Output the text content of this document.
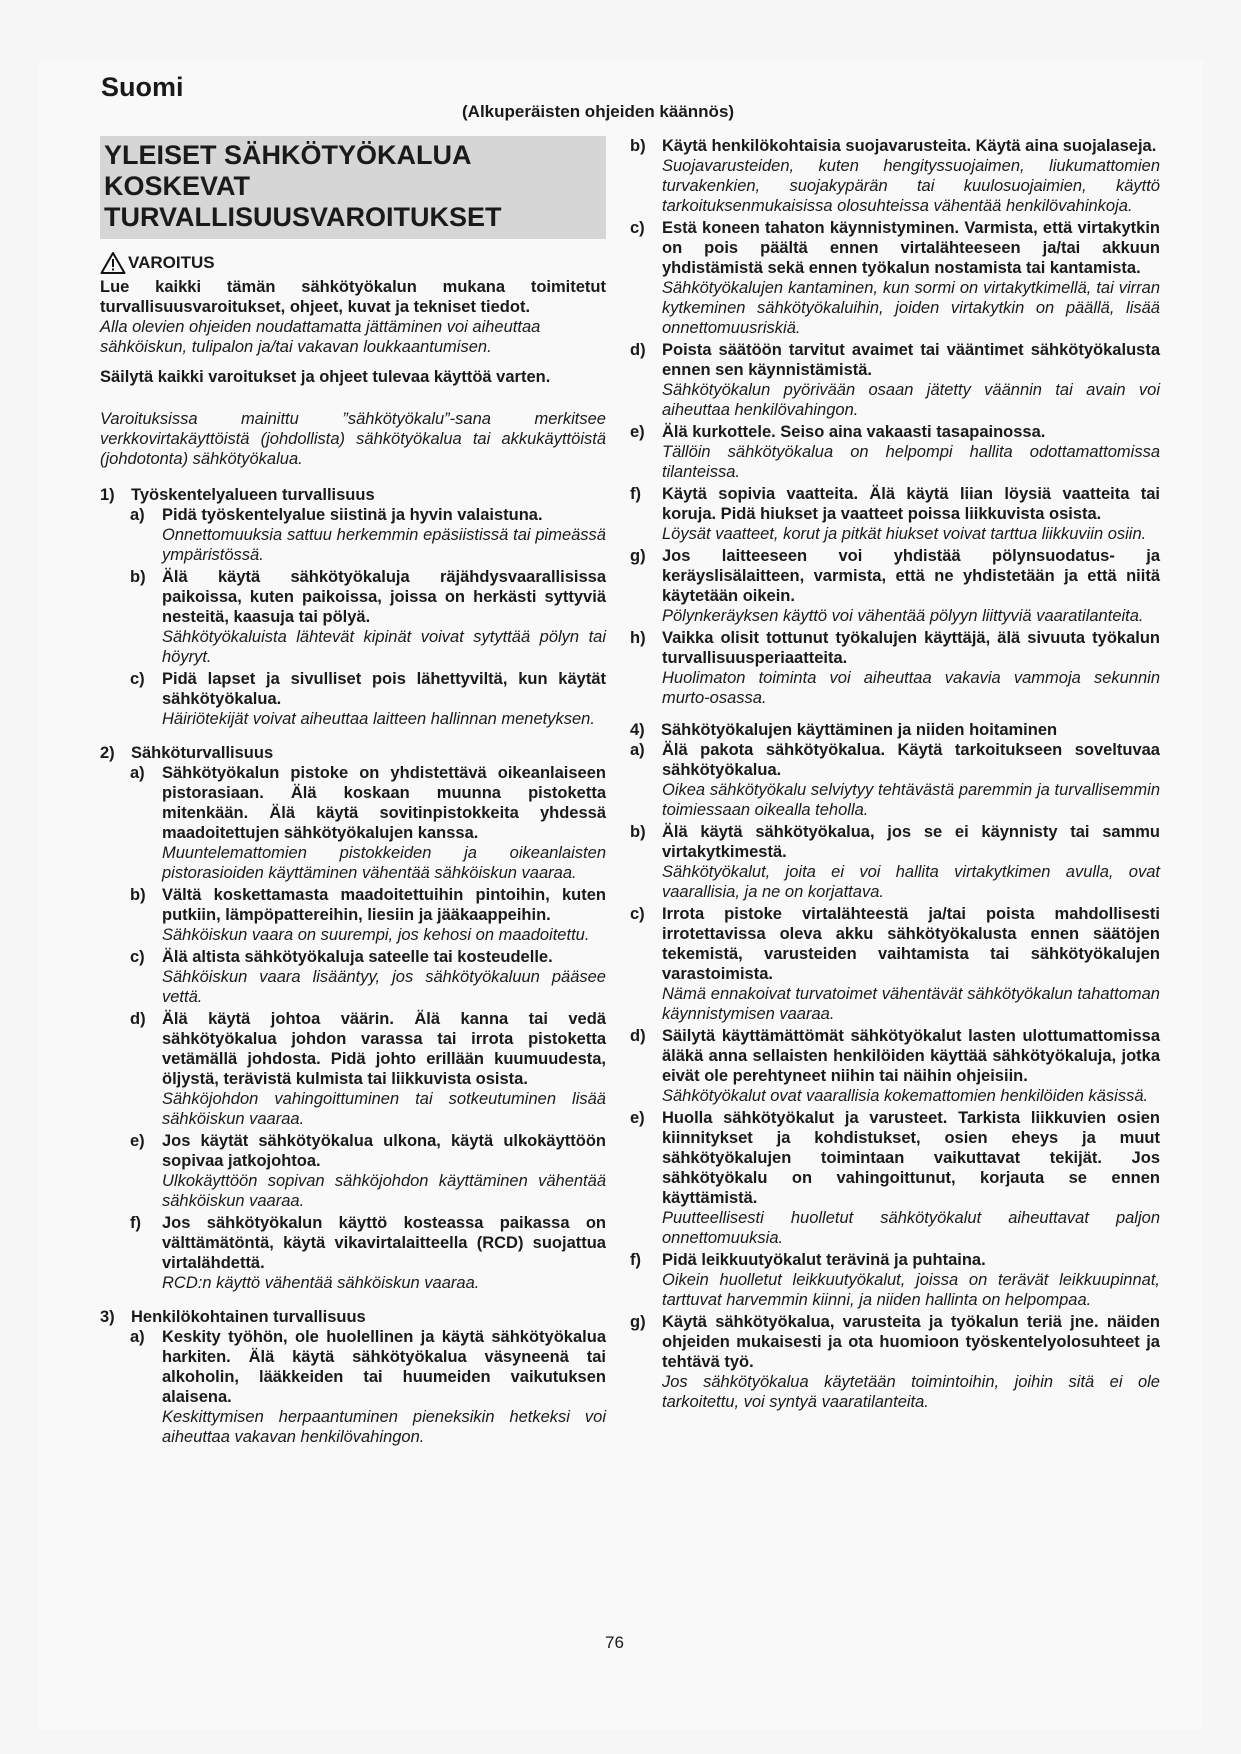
Suomi
(Alkuperäisten ohjeiden käännös)
YLEISET SÄHKÖTYÖKALUA
KOSKEVAT
TURVALLISUUSVAROITUKSET
VAROITUS

Lue kaikki tämän sähkötyökalun mukana toimitetut turvallisuusvaroitukset, ohjeet, kuvat ja tekniset tiedot.

Alla olevien ohjeiden noudattamatta jättäminen voi aiheuttaa sähköiskun, tulipalon ja/tai vakavan loukkaantumisen.

Säilytä kaikki varoitukset ja ohjeet tulevaa käyttöä varten.

Varoituksissa mainittu ”sähkötyökalu”-sana merkitsee verkkovirtakäyttöistä (johdollista) sähkötyökalua tai akkukäyttöistä (johdotonta) sähkötyökalua.

1) Työskentelyalueen turvallisuus
a)	Pidä työskentelyalue siistinä ja hyvin valaistuna.
Onnettomuuksia sattuu herkemmin epäsiistissä tai pimeässä ympäristössä.
b) Älä käytä sähkötyökaluja räjähdysvaarallisissa paikoissa, kuten paikoissa, joissa on herkästi syttyviä nesteitä, kaasuja tai pölyä.
Sähkötyökaluista lähtevät kipinät voivat sytyttää pölyn tai höyryt.
c)	Pidä lapset ja sivulliset pois lähettyviltä, kun käytät sähkötyökalua.
Häiriötekijät voivat aiheuttaa laitteen hallinnan menetyksen.
2) Sähköturvallisuus
a)	Sähkötyökalun pistoke on yhdistettävä oikeanlaiseen pistorasiaan. Älä koskaan muunna pistoketta mitenkään. Älä käytä sovitinpistokkeita yhdessä maadoitettujen sähkötyökalujen kanssa.
Muuntelemattomien pistokkeiden ja oikeanlaisten pistorasioiden käyttäminen vähentää sähköiskun vaaraa.
b) Vältä koskettamasta maadoitettuihin pintoihin, kuten putkiin, lämpöpattereihin, liesiin ja jääkaappeihin.
Sähköiskun vaara on suurempi, jos kehosi on maadoitettu.
c)	Älä altista sähkötyökaluja sateelle tai kosteudelle.
Sähköiskun vaara lisääntyy, jos sähkötyökaluun pääsee vettä.
d) Älä käytä johtoa väärin. Älä kanna tai vedä sähkötyökalua johdon varassa tai irrota pistoketta vetämällä johdosta. Pidä johto erillään kuumuudesta, öljystä, terävistä kulmista tai liikkuvista osista.
Sähköjohdon vahingoittuminen tai sotkeutuminen lisää sähköiskun vaaraa.
e)	Jos käytät sähkötyökalua ulkona, käytä ulkokäyttöön sopivaa jatkojohtoa.
Ulkokäyttöön sopivan sähköjohdon käyttäminen vähentää sähköiskun vaaraa.
f)	Jos sähkötyökalun käyttö kosteassa paikassa on välttämätöntä, käytä vikavirtalaitteella (RCD) suojattua virtalähdettä.
RCD:n käyttö vähentää sähköiskun vaaraa.
3) Henkilökohtainen turvallisuus
a)	Keskity työhön, ole huolellinen ja käytä sähkötyökalua harkiten. Älä käytä sähkötyökalua väsyneenä tai alkoholin, lääkkeiden tai huumeiden vaikutuksen alaisena.
Keskittymisen herpaantuminen pieneksikin hetkeksi voi aiheuttaa vakavan henkilövahingon.
b) Käytä henkilökohtaisia suojavarusteita. Käytä aina suojalaseja.
Suojavarusteiden, kuten hengityssuojaimen, liukumattomien turvakenkien, suojakypärän tai kuulosuojaimien, käyttö tarkoituksenmukaisissa olosuhteissa vähentää henkilövahinkoja.
c)	Estä koneen tahaton käynnistyminen. Varmista, että virtakytkin on pois päältä ennen virtalähteeseen ja/tai akkuun yhdistämistä sekä ennen työkalun nostamista tai kantamista.
Sähkötyökalujen kantaminen, kun sormi on virtakytkimellä, tai virran kytkeminen sähkötyökaluihin, joiden virtakytkin on päällä, lisää onnettomuusriskiä.
d) Poista säätöön tarvitut avaimet tai vääntimet sähkötyökalusta ennen sen käynnistämistä.
Sähkötyökalun pyörivään osaan jätetty väännin tai avain voi aiheuttaa henkilövahingon.
e)	Älä kurkottele. Seiso aina vakaasti tasapainossa.
Tällöin sähkötyökalua on helpompi hallita odottamattomissa tilanteissa.
f)	Käytä sopivia vaatteita. Älä käytä liian löysiä vaatteita tai koruja. Pidä hiukset ja vaatteet poissa liikkuvista osista.
Löysät vaatteet, korut ja pitkät hiukset voivat tarttua liikkuviin osiin.
g) Jos laitteeseen voi yhdistää pölynsuodatus- ja keräyslisälaitteen, varmista, että ne yhdistetään ja että niitä käytetään oikein.
Pölynkeräyksen käyttö voi vähentää pölyyn liittyviä vaaratilanteita.
h) Vaikka olisit tottunut työkalujen käyttäjä, älä sivuuta työkalun turvallisuusperiaatteita.
Huolimaton toiminta voi aiheuttaa vakavia vammoja sekunnin murto-osassa.
4) Sähkötyökalujen käyttäminen ja niiden hoitaminen
a)	Älä pakota sähkötyökalua. Käytä tarkoitukseen soveltuvaa sähkötyökalua.
Oikea sähkötyökalu selviytyy tehtävästä paremmin ja turvallisemmin toimiessaan oikealla teholla.
b) Älä käytä sähkötyökalua, jos se ei käynnisty tai sammu virtakytkimestä.
Sähkötyökalut, joita ei voi hallita virtakytkimen avulla, ovat vaarallisia, ja ne on korjattava.
c)	Irrota pistoke virtalähteestä ja/tai poista mahdollisesti irrotettavissa oleva akku sähkötyökalusta ennen säätöjen tekemistä, varusteiden vaihtamista tai sähkötyökalujen varastoimista.
Nämä ennakoivat turvatoimet vähentävät sähkötyökalun tahattoman käynnistymisen vaaraa.
d) Säilytä käyttämättömät sähkötyökalut lasten ulottumattomissa äläkä anna sellaisten henkilöiden käyttää sähkötyökaluja, jotka eivät ole perehtyneet niihin tai näihin ohjeisiin.
Sähkötyökalut ovat vaarallisia kokemattomien henkilöiden käsissä.
e)	Huolla sähkötyökalut ja varusteet. Tarkista liikkuvien osien kiinnitykset ja kohdistukset, osien eheys ja muut sähkötyökalujen toimintaan vaikuttavat tekijät. Jos sähkötyökalu on vahingoittunut, korjauta se ennen käyttämistä.
Puutteellisesti huolletut sähkötyökalut aiheuttavat paljon onnettomuuksia.
f)	Pidä leikkuutyökalut terävinä ja puhtaina.
Oikein huolletut leikkuutyökalut, joissa on terävät leikkuupinnat, tarttuvat harvemmin kiinni, ja niiden hallinta on helpompaa.
g) Käytä sähkötyökalua, varusteita ja työkalun teriä jne. näiden ohjeiden mukaisesti ja ota huomioon työskentelyolosuhteet ja tehtävä työ.
Jos sähkötyökalua käytetään toimintoihin, joihin sitä ei ole tarkoitettu, voi syntyä vaaratilanteita.
76
